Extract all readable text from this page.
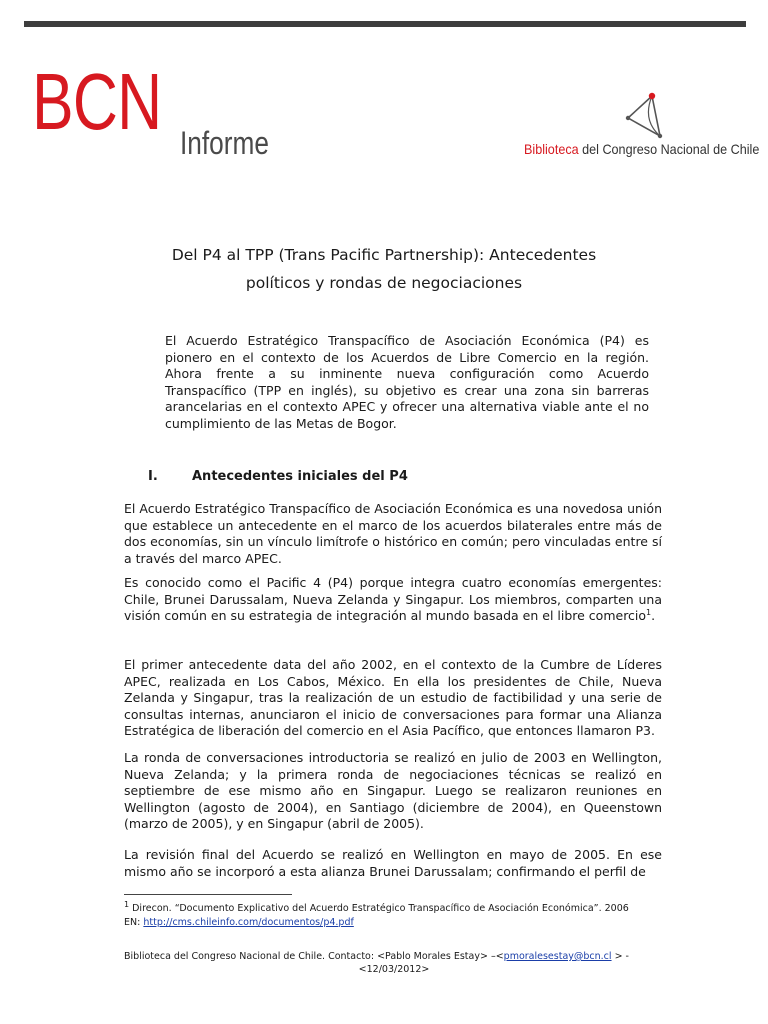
BCN Informe	Biblioteca del Congreso Nacional de Chile
Del P4 al TPP (Trans Pacific Partnership): Antecedentes
políticos y rondas de negociaciones

El Acuerdo Estratégico Transpacífico de Asociación Económica (P4) es pionero en el contexto de los Acuerdos de Libre Comercio en la región. Ahora frente a su inminente nueva configuración como Acuerdo Transpacífico (TPP en inglés), su objetivo es crear una zona sin barreras arancelarias en el contexto APEC y ofrecer una alternativa viable ante el no cumplimiento de las Metas de Bogor.

I.	Antecedentes iniciales del P4

El Acuerdo Estratégico Transpacífico de Asociación Económica es una novedosa unión que establece un antecedente en el marco de los acuerdos bilaterales entre más de dos economías, sin un vínculo limítrofe o histórico en común; pero vinculadas entre sí a través del marco APEC.

Es conocido como el Pacific 4 (P4) porque integra cuatro economías emergentes: Chile, Brunei Darussalam, Nueva Zelanda y Singapur. Los miembros, comparten una visión común en su estrategia de integración al mundo basada en el libre comercio$^1$.

El primer antecedente data del año 2002, en el contexto de la Cumbre de Líderes APEC, realizada en Los Cabos, México. En ella los presidentes de Chile, Nueva Zelanda y Singapur, tras la realización de un estudio de factibilidad y una serie de consultas internas, anunciaron el inicio de conversaciones para formar una Alianza Estratégica de liberación del comercio en el Asia Pacífico, que entonces llamaron P3.

La ronda de conversaciones introductoria se realizó en julio de 2003 en Wellington, Nueva Zelanda; y la primera ronda de negociaciones técnicas se realizó en septiembre de ese mismo año en Singapur. Luego se realizaron reuniones en Wellington (agosto de 2004), en Santiago (diciembre de 2004), en Queenstown (marzo de 2005), y en Singapur (abril de 2005).

La revisión final del Acuerdo se realizó en Wellington en mayo de 2005. En ese mismo año se incorporó a esta alianza Brunei Darussalam; confirmando el perfil de

$^1$ Direcon. “Documento Explicativo del Acuerdo Estratégico Transpacífico de Asociación Económica”. 2006
EN: http://cms.chileinfo.com/documentos/p4.pdf
Biblioteca del Congreso Nacional de Chile. Contacto: <Pablo Morales Estay> –<pmoralesestay@bcn.cl > -
<12/03/2012>
